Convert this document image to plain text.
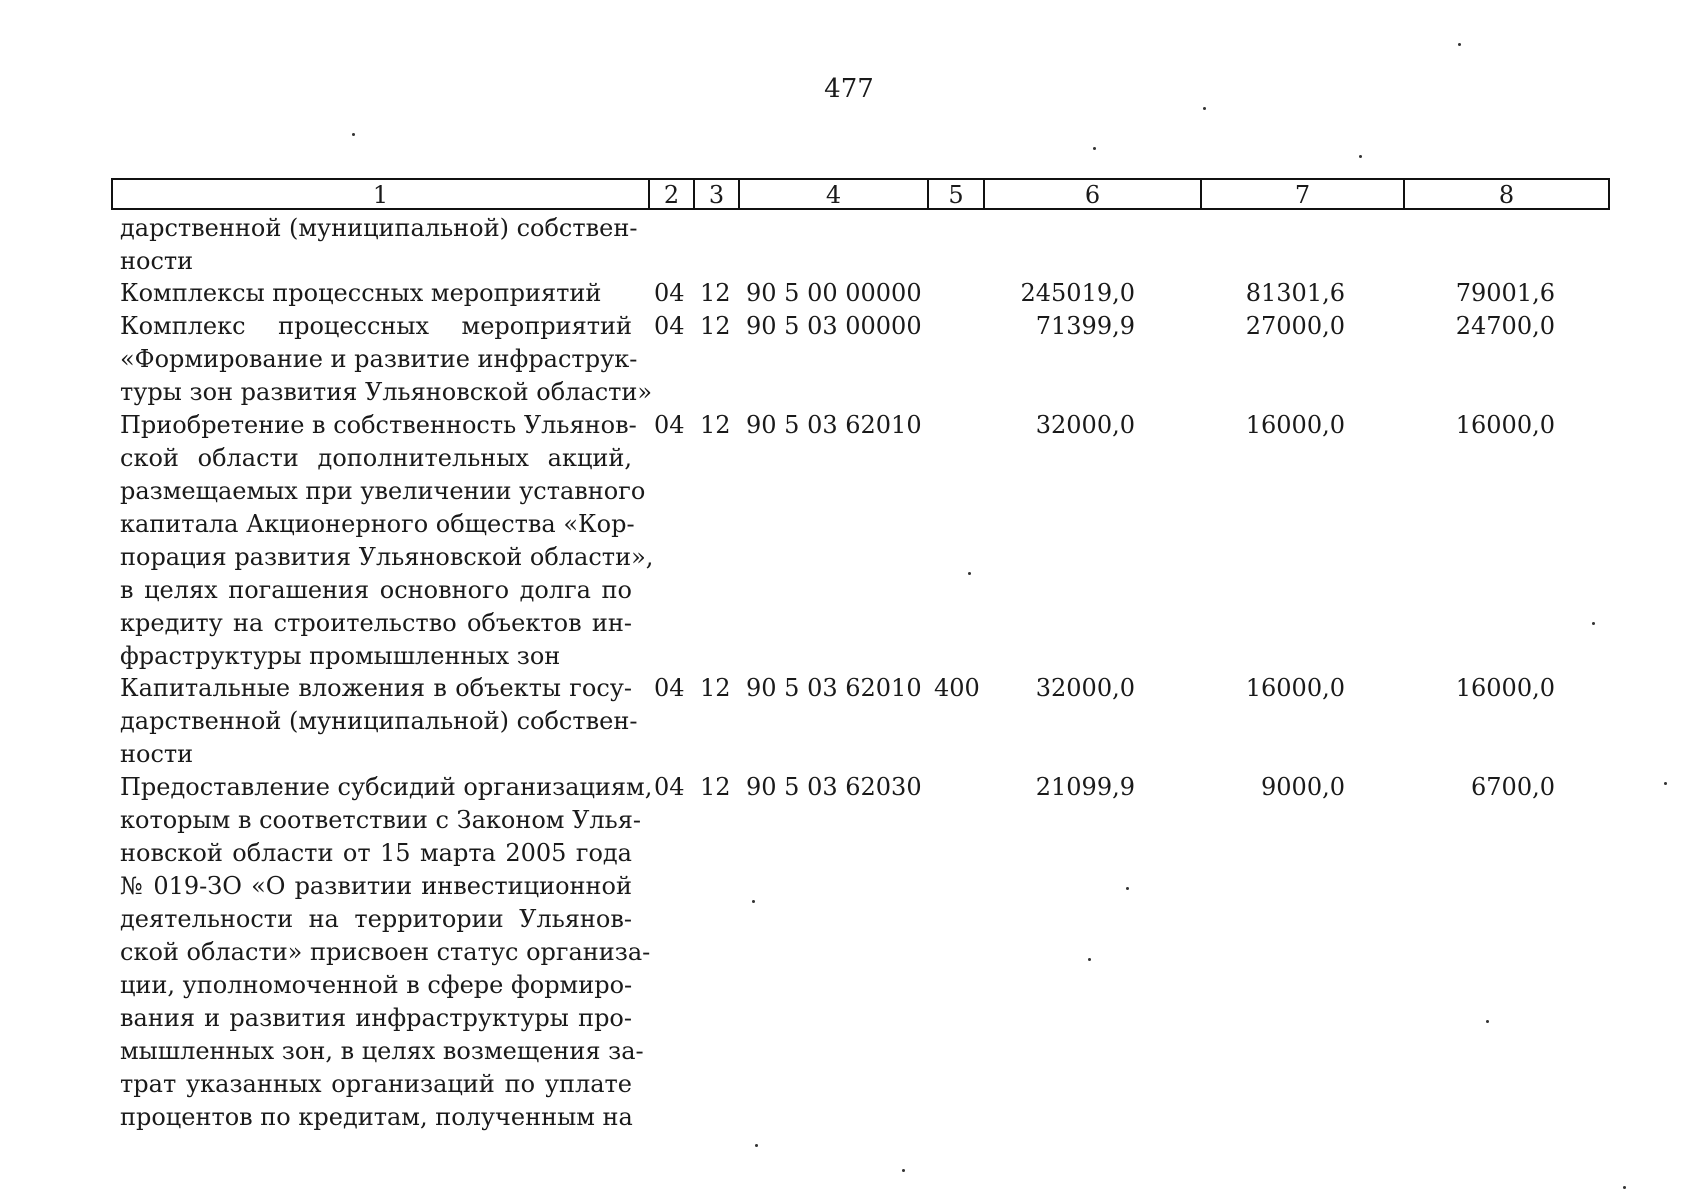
477
1	2	3	4	5	6	7	8
дарственной (муниципальной) собствен-
ности
Комплексы процессных мероприятий	04 12 90 5 00 00000	245019,0	81301,6	79001,6
Комплекс процессных мероприятий
«Формирование и развитие инфраструк-
туры зон развития Ульяновской области»
04 12 90 5 03 00000	71399,9	27000,0	24700,0
Приобретение в собственность Ульянов-
ской области дополнительных акций,
размещаемых при увеличении уставного
капитала Акционерного общества «Кор-
порация развития Ульяновской области»,
в целях погашения основного долга по
кредиту на строительство объектов ин-
фраструктуры промышленных зон
04 12 90 5 03 62010	32000,0	16000,0	16000,0
Капитальные вложения в объекты госу-
дарственной (муниципальной) собствен-
ности
04 12 90 5 03 62010 400	32000,0	16000,0	16000,0
Предоставление субсидий организациям,
которым в соответствии с Законом Улья-
новской области от 15 марта 2005 года
№ 019-ЗО «О развитии инвестиционной
деятельности на территории Ульянов-
ской области» присвоен статус организа-
ции, уполномоченной в сфере формиро-
вания и развития инфраструктуры про-
мышленных зон, в целях возмещения за-
трат указанных организаций по уплате
процентов по кредитам, полученным на
04 12 90 5 03 62030	21099,9	9000,0	6700,0
